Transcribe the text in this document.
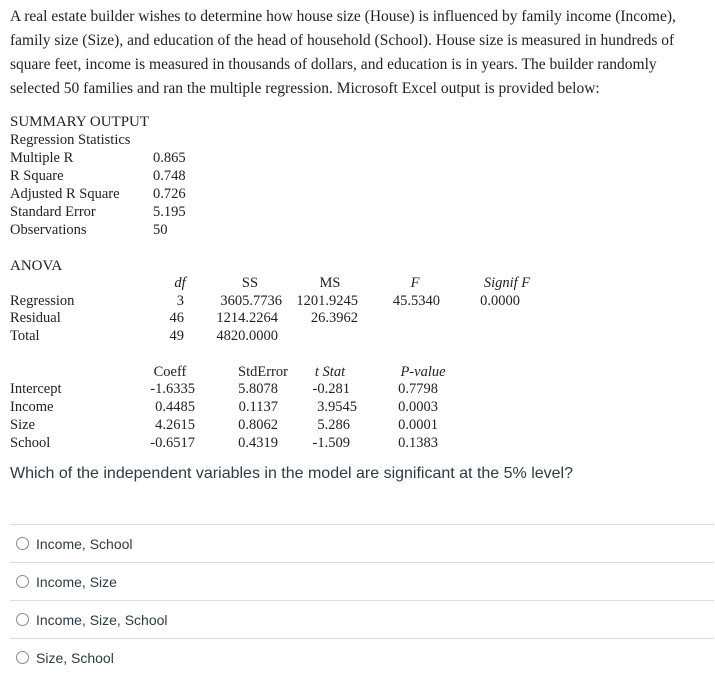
A real estate builder wishes to determine how house size (House) is influenced by family income (Income),
family size (Size), and education of the head of household (School). House size is measured in hundreds of
square feet, income is measured in thousands of dollars, and education is in years. The builder randomly
selected 50 families and ran the multiple regression. Microsoft Excel output is provided below:
SUMMARY OUTPUT
Regression Statistics
Multiple R	0.865
R Square	0.748
Adjusted R Square 0.726
Standard Error	5.195
Observations	50
ANOVA
df	SS	MS	F	Signif F
Regression	3	3605.7736 1201.9245	45.5340	0.0000
Residual	46	1214.2264	26.3962
Total	49	4820.0000
Coeff	StdError	t Stat	P-value
Intercept	-1.6335	5.8078	-0.281	0.7798
Income	0.4485	0.1137	3.9545	0.0003
Size	4.2615	0.8062	5.286	0.0001
School	-0.6517	0.4319	-1.509	0.1383
Which of the independent variables in the model are significant at the 5% level?
Income, School
Income, Size
Income, Size, School
Size, School
